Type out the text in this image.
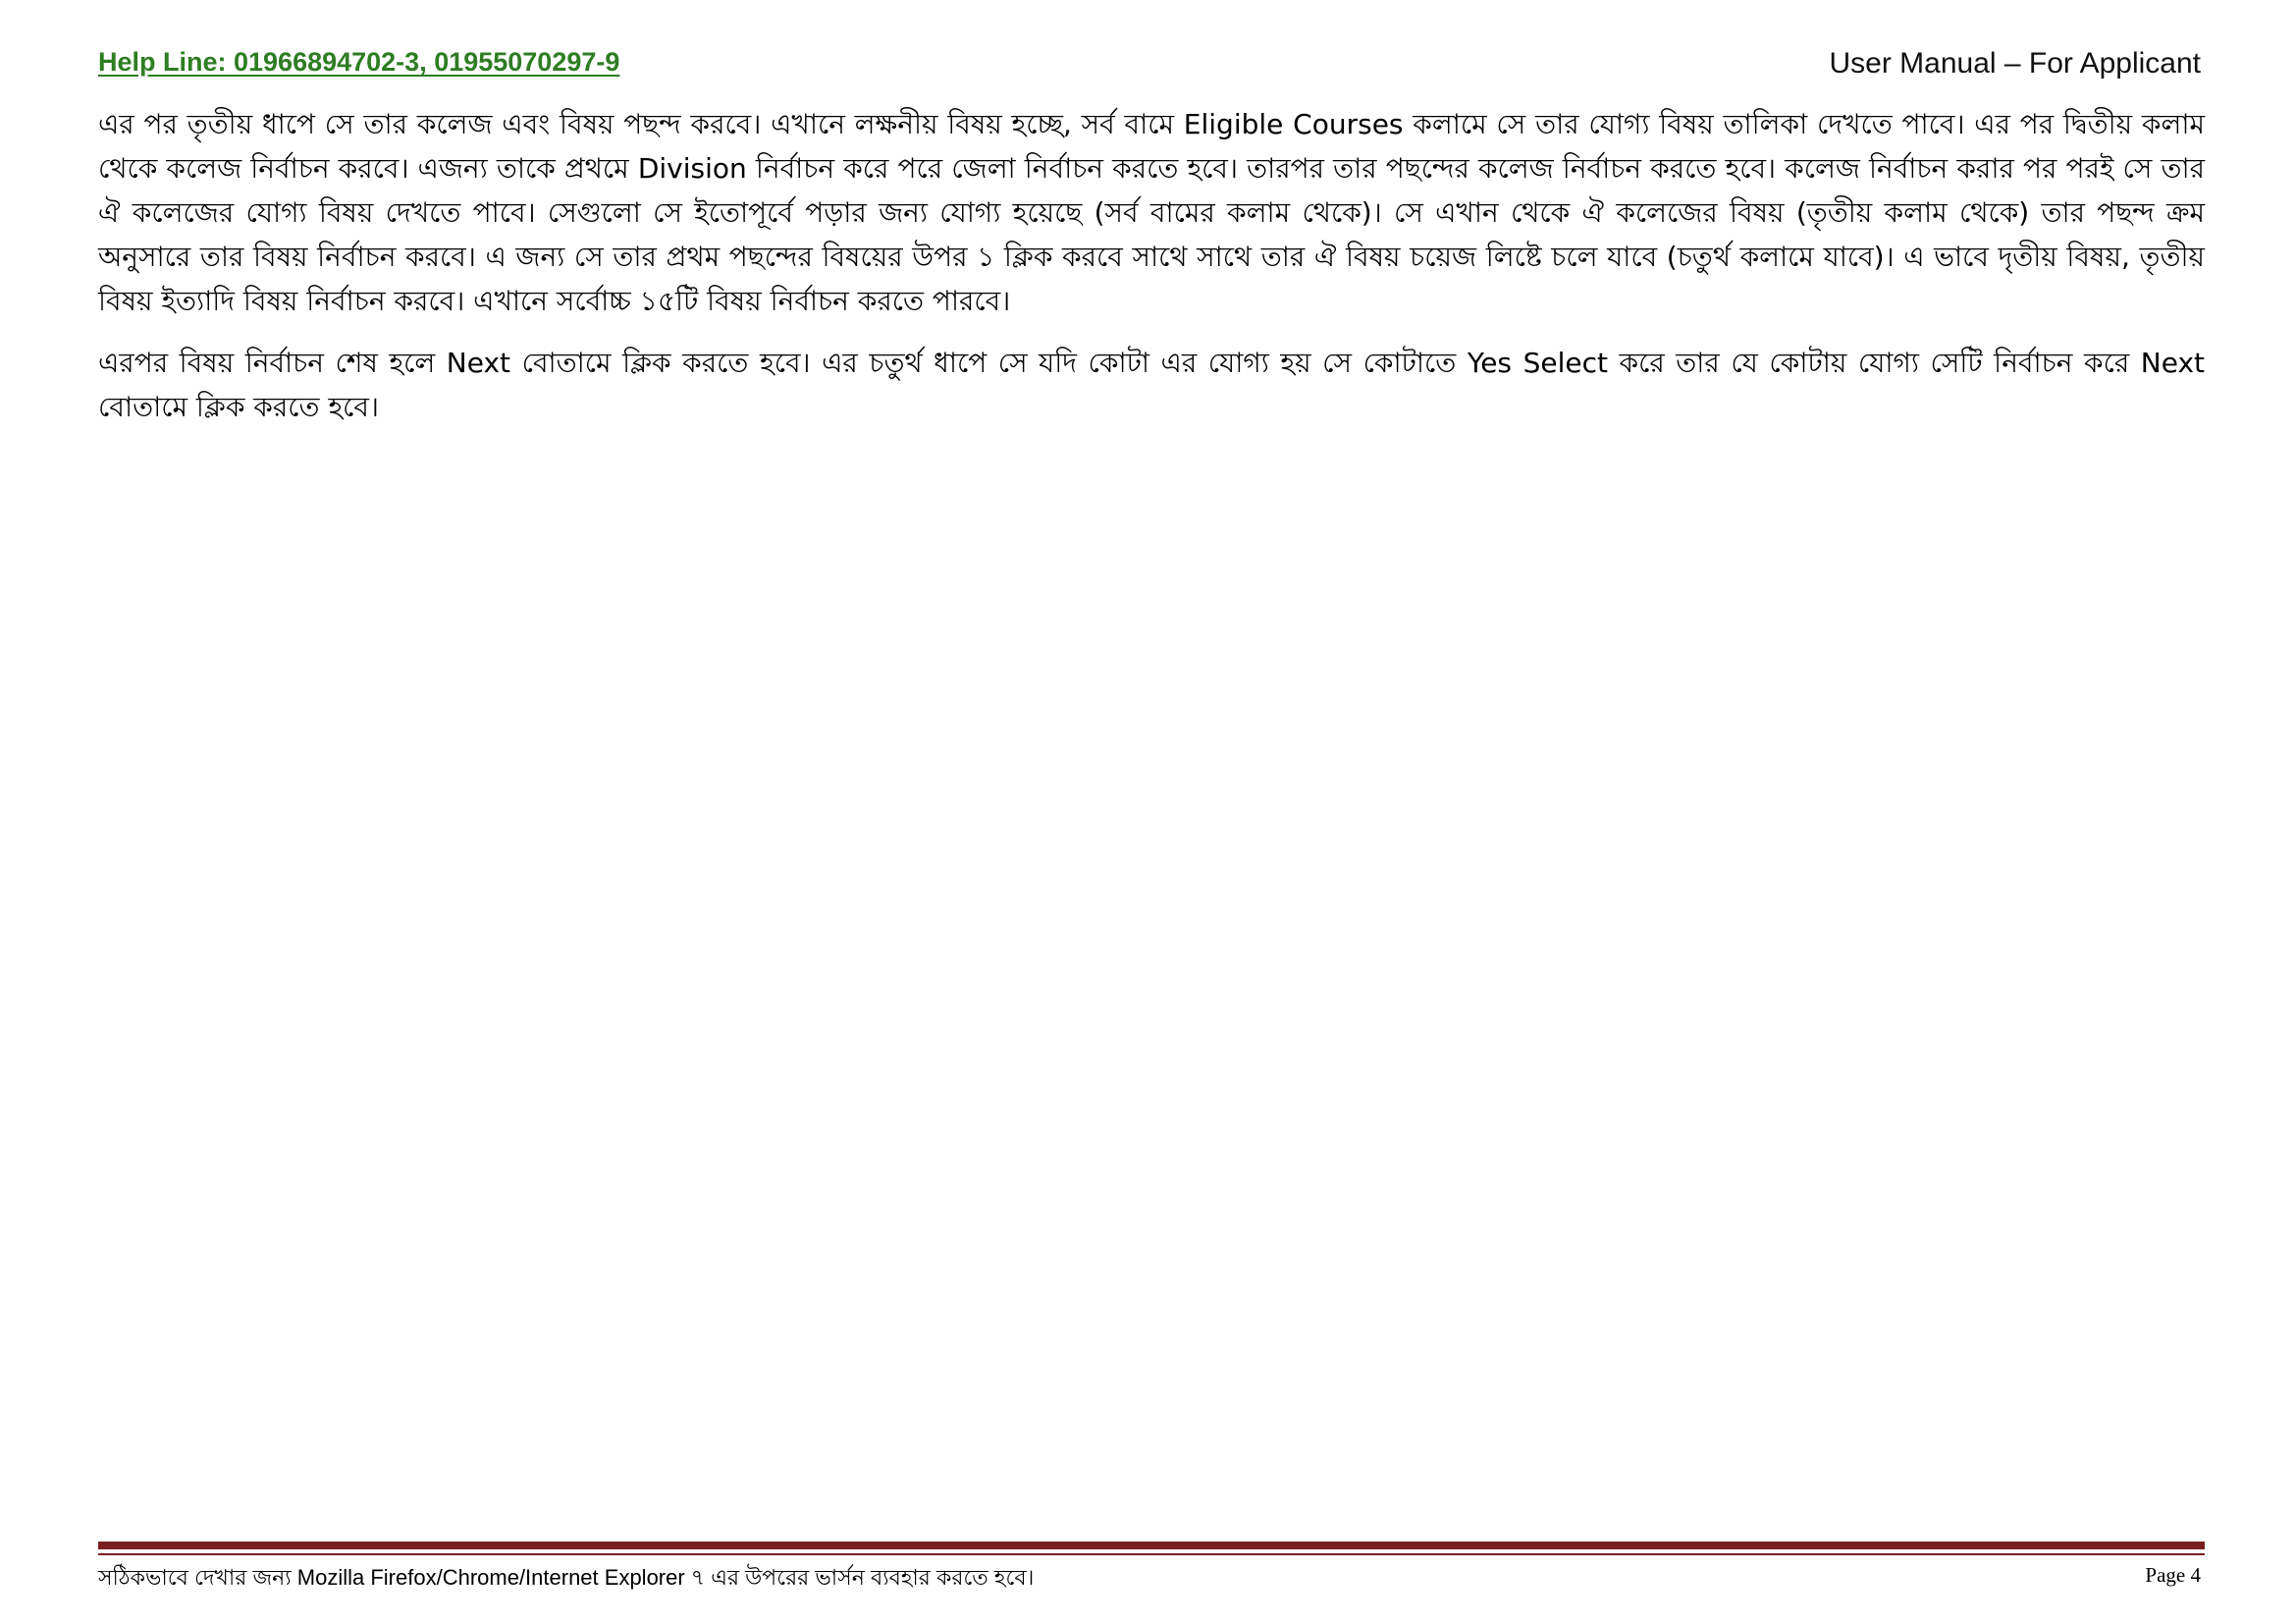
Help Line: 01966894702-3, 01955070297-9	User Manual – For Applicant

এর পর তৃতীয় ধাপে সে তার কলেজ এবং বিষয় পছন্দ করবে। এখানে লক্ষনীয় বিষয় হচ্ছে, সর্ব বামে Eligible Courses কলামে সে তার যোগ্য বিষয় তালিকা দেখতে পাবে। এর পর দ্বিতীয় কলাম থেকে কলেজ নির্বাচন করবে। এজন্য তাকে প্রথমে Division নির্বাচন করে পরে জেলা নির্বাচন করতে হবে। তারপর তার পছন্দের কলেজ নির্বাচন করতে হবে। কলেজ নির্বাচন করার পর পরই সে তার ঐ কলেজের যোগ্য বিষয় দেখতে পাবে। সেগুলো সে ইতোপূর্বে পড়ার জন্য যোগ্য হয়েছে (সর্ব বামের কলাম থেকে)। সে এখান থেকে ঐ কলেজের বিষয় (তৃতীয় কলাম থেকে) তার পছন্দ ক্রম অনুসারে তার বিষয় নির্বাচন করবে। এ জন্য সে তার প্রথম পছন্দের বিষয়ের উপর ১ ক্লিক করবে সাথে সাথে তার ঐ বিষয় চয়েজ লিষ্টে চলে যাবে (চতুর্থ কলামে যাবে)। এ ভাবে দৃতীয় বিষয়, তৃতীয় বিষয় ইত্যাদি বিষয় নির্বাচন করবে। এখানে সর্বোচ্চ ১৫টি বিষয় নির্বাচন করতে পারবে।

এরপর বিষয় নির্বাচন শেষ হলে Next বোতামে ক্লিক করতে হবে। এর চতুর্থ ধাপে সে যদি কোটা এর যোগ্য হয় সে কোটাতে Yes Select করে তার যে কোটায় যোগ্য সেটি নির্বাচন করে Next বোতামে ক্লিক করতে হবে।

সঠিকভাবে দেখার জন্য Mozilla Firefox/Chrome/Internet Explorer ৭ এর উপরের ভার্সন ব্যবহার করতে হবে।	Page 4
